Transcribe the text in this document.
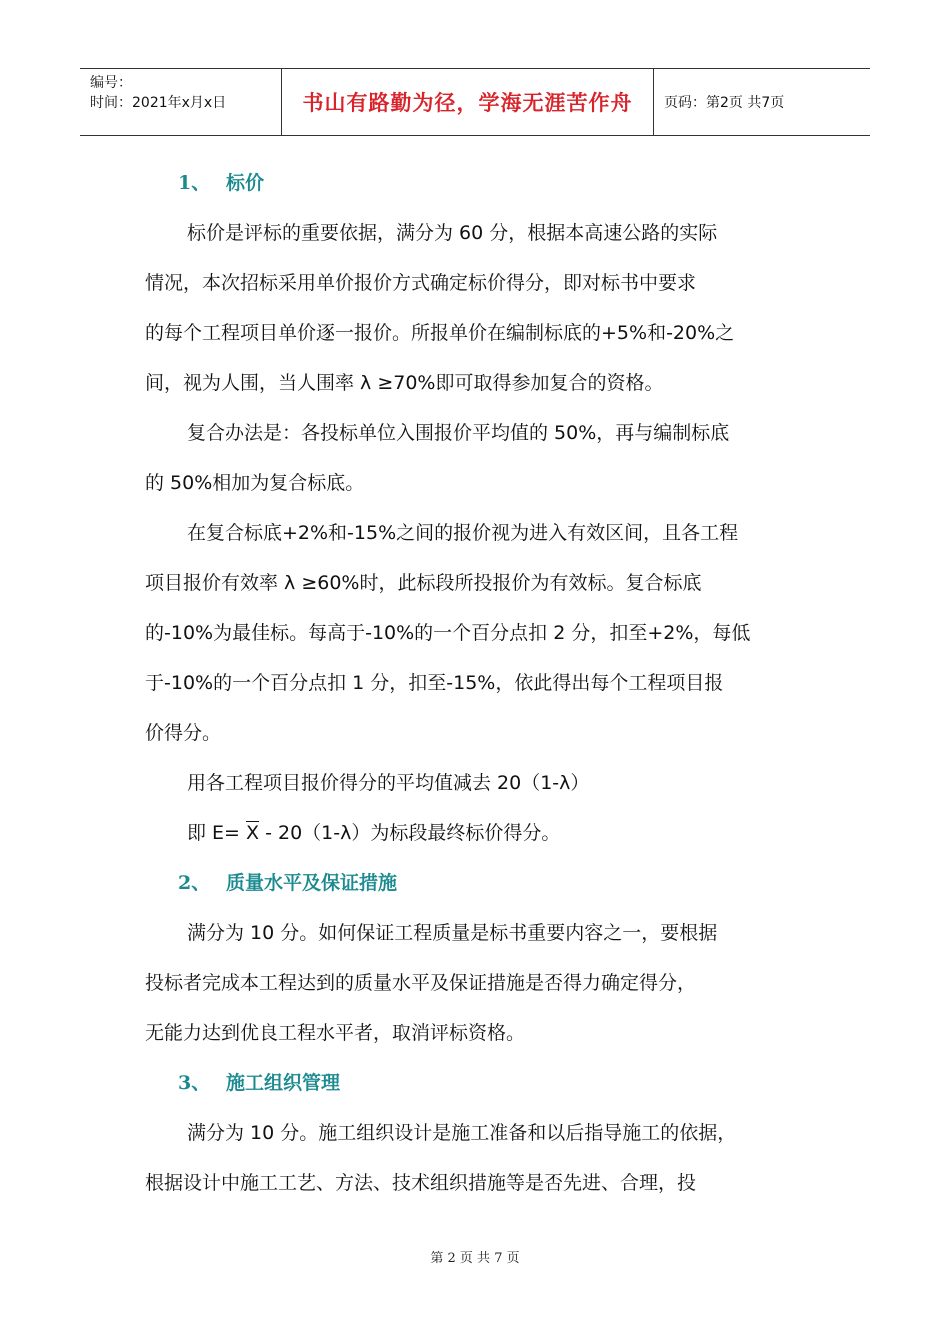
编号：
时间：2021年x月x日	书山有路勤为径，学海无涯苦作舟	页码：第2页 共7页
1、 标价
标价是评标的重要依据，满分为 60 分，根据本高速公路的实际
情况，本次招标采用单价报价方式确定标价得分，即对标书中要求
的每个工程项目单价逐一报价。所报单价在编制标底的+5%和-20%之
间，视为人围，当人围率 λ ≥70%即可取得参加复合的资格。
复合办法是：各投标单位入围报价平均值的 50%，再与编制标底
的 50%相加为复合标底。
在复合标底+2%和-15%之间的报价视为进入有效区间，且各工程
项目报价有效率 λ ≥60%时，此标段所投报价为有效标。复合标底
的-10%为最佳标。每高于-10%的一个百分点扣 2 分，扣至+2%，每低
于-10%的一个百分点扣 1 分，扣至-15%，依此得出每个工程项目报
价得分。
用各工程项目报价得分的平均值减去 20（1-λ）
即 $E= \overline{X} - 20(1-\lambda)$为标段最终标价得分。
2、 质量水平及保证措施
满分为 10 分。如何保证工程质量是标书重要内容之一，要根据
投标者完成本工程达到的质量水平及保证措施是否得力确定得分，
无能力达到优良工程水平者，取消评标资格。
3、 施工组织管理
满分为 10 分。施工组织设计是施工准备和以后指导施工的依据，
根据设计中施工工艺、方法、技术组织措施等是否先进、合理，投
第 2 页 共 7 页
